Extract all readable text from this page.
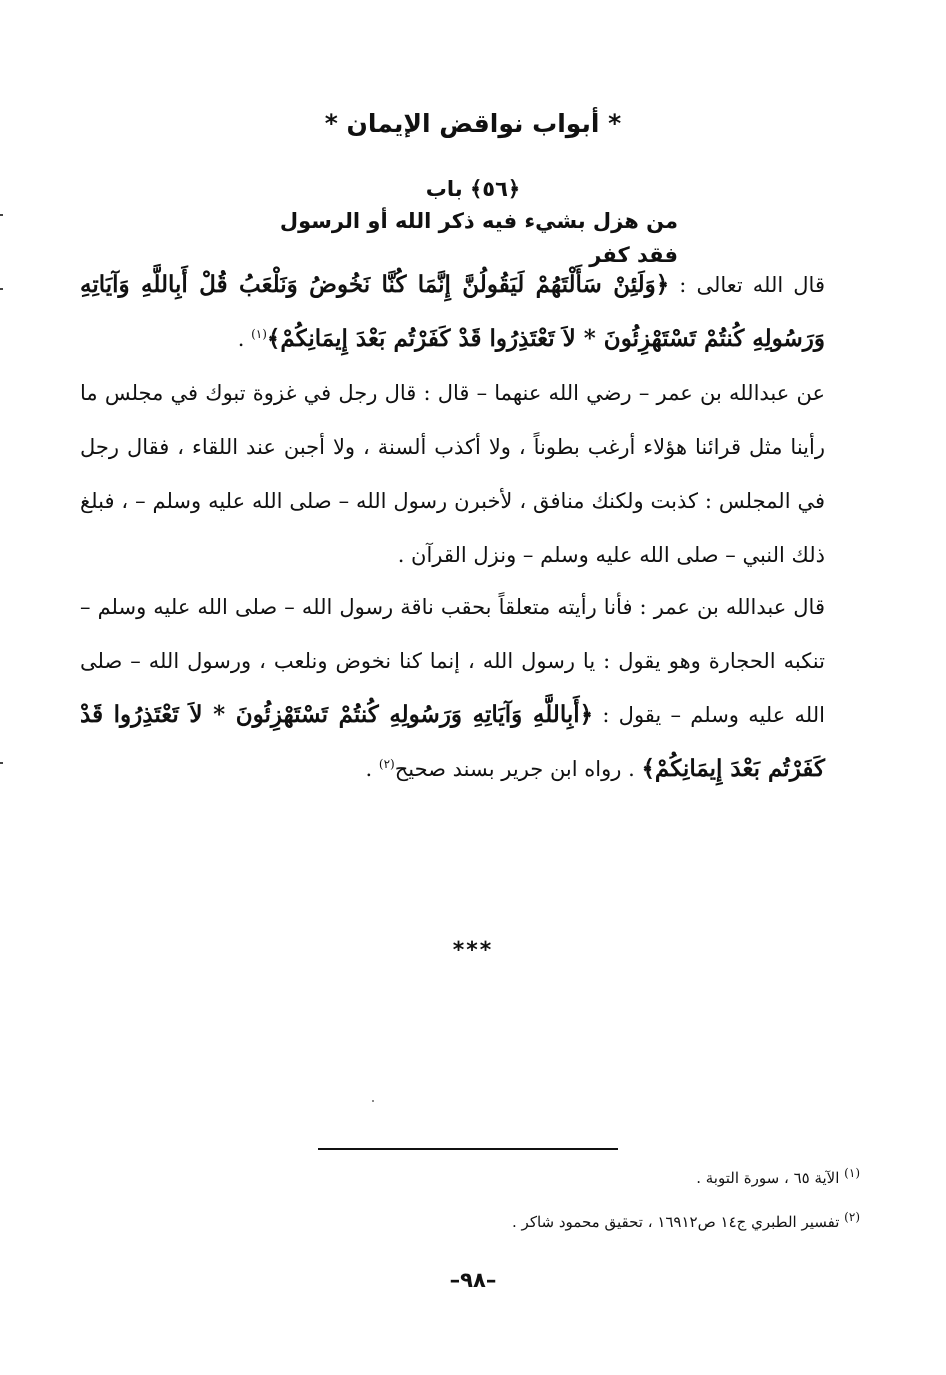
* أبواب نواقض الإيمان *
﴿٥٦﴾ باب
من هزل بشيء فيه ذكر الله أو الرسول فقد كفر
قال الله تعالى : ﴿وَلَئِنْ سَأَلْتَهُمْ لَيَقُولُنَّ إِنَّمَا كُنَّا نَخُوضُ وَنَلْعَبُ قُلْ أَبِاللَّهِ وَآيَاتِهِ وَرَسُولِهِ كُنتُمْ تَسْتَهْزِئُونَ * لاَ تَعْتَذِرُوا قَدْ كَفَرْتُم بَعْدَ إِيمَانِكُمْ﴾$^{(١)}$ .
عن عبدالله بن عمر – رضي الله عنهما – قال : قال رجل في غزوة تبوك في مجلس ما رأينا مثل قرائنا هؤلاء أرغب بطوناً ، ولا أكذب ألسنة ، ولا أجبن عند اللقاء ، فقال رجل في المجلس : كذبت ولكنك منافق ، لأخبرن رسول الله – صلى الله عليه وسلم – ، فبلغ ذلك النبي – صلى الله عليه وسلم – ونزل القرآن .
قال عبدالله بن عمر : فأنا رأيته متعلقاً بحقب ناقة رسول الله – صلى الله عليه وسلم – تنكبه الحجارة وهو يقول : يا رسول الله ، إنما كنا نخوض ونلعب ، ورسول الله – صلى الله عليه وسلم – يقول : ﴿أَبِاللَّهِ وَآيَاتِهِ وَرَسُولِهِ كُنتُمْ تَسْتَهْزِئُونَ * لاَ تَعْتَذِرُوا قَدْ كَفَرْتُم بَعْدَ إِيمَانِكُمْ﴾ . رواه ابن جرير بسند صحيح$^{(٢)}$ .
***
$^{(١)}$ الآية ٦٥ ، سورة التوبة .
$^{(٢)}$ تفسير الطبري ج١٤ ص١٦٩١٢ ، تحقيق محمود شاكر .
–٩٨–
